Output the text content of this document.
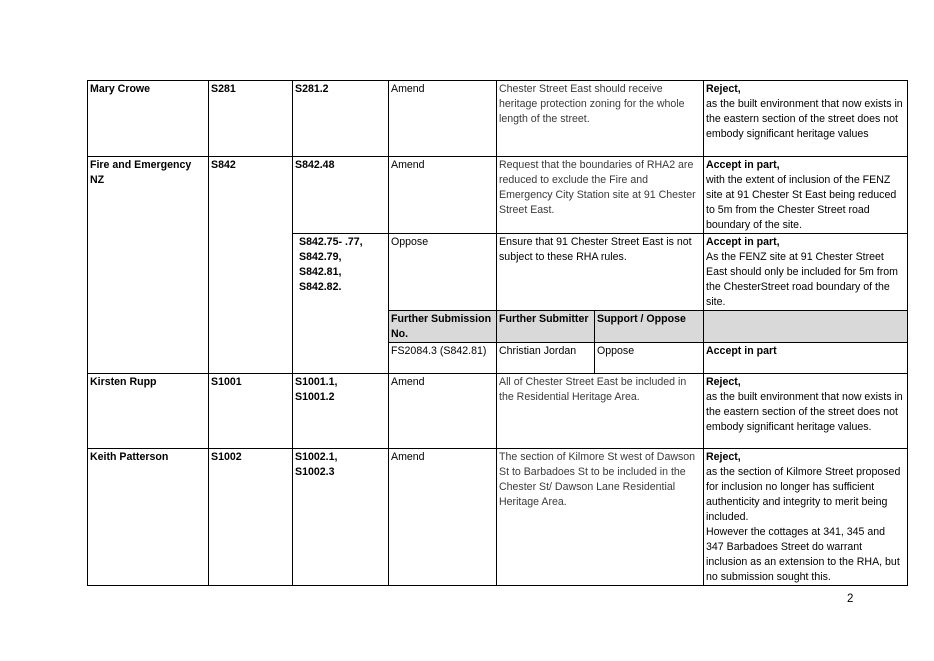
Mary Crowe	S281	S281.2	Amend	Chester Street East should receive heritage protection zoning for the whole length of the street.		Reject,
as the built environment that now exists in the eastern section of the street does not embody significant heritage values
Fire and Emergency NZ	S842	S842.48	Amend	Request that the boundaries of RHA2 are reduced to exclude the Fire and Emergency City Station site at 91 Chester Street East.		Accept in part,
with the extent of inclusion of the FENZ site at 91 Chester St East being reduced to 5m from the Chester Street road boundary of the site.

		S842.75- .77,
S842.79,
S842.81,
S842.82.	Oppose	Ensure that 91 Chester Street East is not subject to these RHA rules.		Accept in part,
As the FENZ site at 91 Chester Street East should only be included for 5m from the ChesterStreet road boundary of the site.
			Further Submission No.	Further Submitter	Support / Oppose	
			FS2084.3 (S842.81)	Christian Jordan	Oppose	Accept in part
Kirsten Rupp	S1001	S1001.1,
S1001.2	Amend	All of Chester Street East be included in the Residential Heritage Area.		Reject,
as the built environment that now exists in the eastern section of the street does not embody significant heritage values.
Keith Patterson	S1002	S1002.1,
S1002.3	Amend	The section of Kilmore St west of Dawson St to Barbadoes St to be included in the Chester St/ Dawson Lane Residential Heritage Area.		Reject,
as the section of Kilmore Street proposed for inclusion no longer has sufficient authenticity and integrity to merit being included.
However the cottages at 341, 345 and 347 Barbadoes Street do warrant inclusion as an extension to the RHA, but no submission sought this.
2
